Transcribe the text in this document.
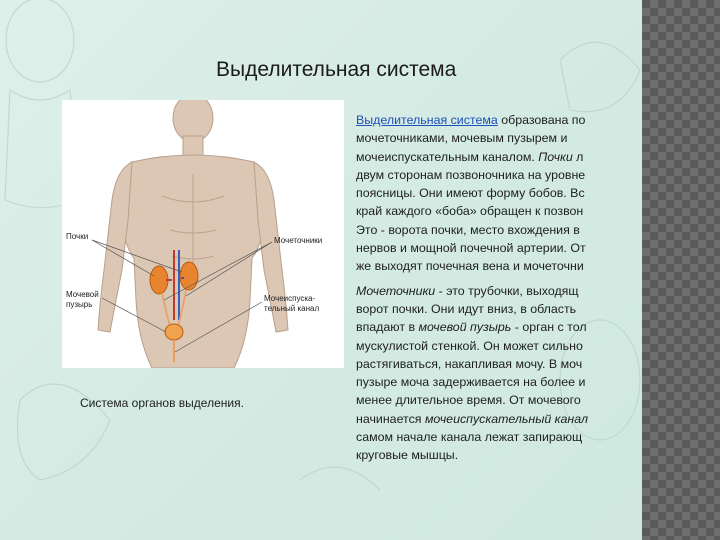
Выделительная система
Почки	Мочеточники
Мочевой
пузырь
Мочеиспуска-
тельный канал

Система органов выделения.

Выделительная система образована по

мочеточниками, мочевым пузырем и

мочеиспускательным каналом. Почки л

двум сторонам позвоночника на уровне

поясницы. Они имеют форму бобов. Вс

край каждого «боба» обращен к позвон

Это - ворота почки, место вхождения в

нервов и мощной почечной артерии. От

же выходят почечная вена и мочеточни

Мочеточники - это трубочки, выходящ

ворот почки. Они идут вниз, в область

впадают в мочевой пузырь - орган с тол

мускулистой стенкой. Он может сильно

растягиваться, накапливая мочу. В моч

пузыре моча задерживается на более и

менее длительное время. От мочевого

начинается мочеиспускательный канал

самом начале канала лежат запирающ

круговые мышцы.
